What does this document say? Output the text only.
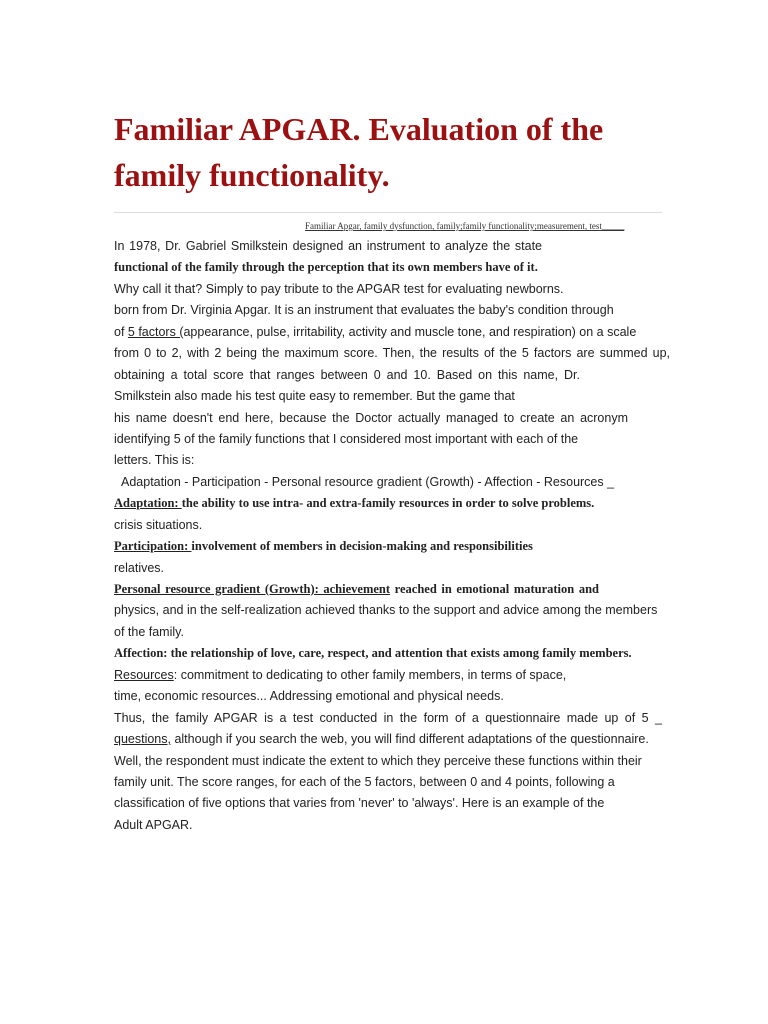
Familiar APGAR. Evaluation of the family functionality.
Familiar Apgar, family dysfunction, family;family functionality;measurement, test_____
In 1978, Dr. Gabriel Smilkstein designed an instrument to analyze the state
functional of the family through the perception that its own members have of it.
Why call it that? Simply to pay tribute to the APGAR test for evaluating newborns.
born from Dr. Virginia Apgar. It is an instrument that evaluates the baby's condition through
of 5 factors (appearance, pulse, irritability, activity and muscle tone, and respiration) on a scale
from 0 to 2, with 2 being the maximum score. Then, the results of the 5 factors are summed up,
obtaining a total score that ranges between 0 and 10. Based on this name, Dr.
Smilkstein also made his test quite easy to remember. But the game that
his name doesn't end here, because the Doctor actually managed to create an acronym
identifying 5 of the family functions that I considered most important with each of the
letters. This is:
Adaptation - Participation - Personal resource gradient (Growth) - Affection - Resources _
Adaptation: the ability to use intra- and extra-family resources in order to solve problems.
crisis situations.
Participation: involvement of members in decision-making and responsibilities
relatives.
Personal resource gradient (Growth): achievement reached in emotional maturation and
physics, and in the self-realization achieved thanks to the support and advice among the members
of the family.
Affection: the relationship of love, care, respect, and attention that exists among family members.
Resources: commitment to dedicating to other family members, in terms of space,
time, economic resources... Addressing emotional and physical needs.
Thus, the family APGAR is a test conducted in the form of a questionnaire made up of 5 _
questions, although if you search the web, you will find different adaptations of the questionnaire.
Well, the respondent must indicate the extent to which they perceive these functions within their
family unit. The score ranges, for each of the 5 factors, between 0 and 4 points, following a
classification of five options that varies from 'never' to 'always'. Here is an example of the
Adult APGAR.
